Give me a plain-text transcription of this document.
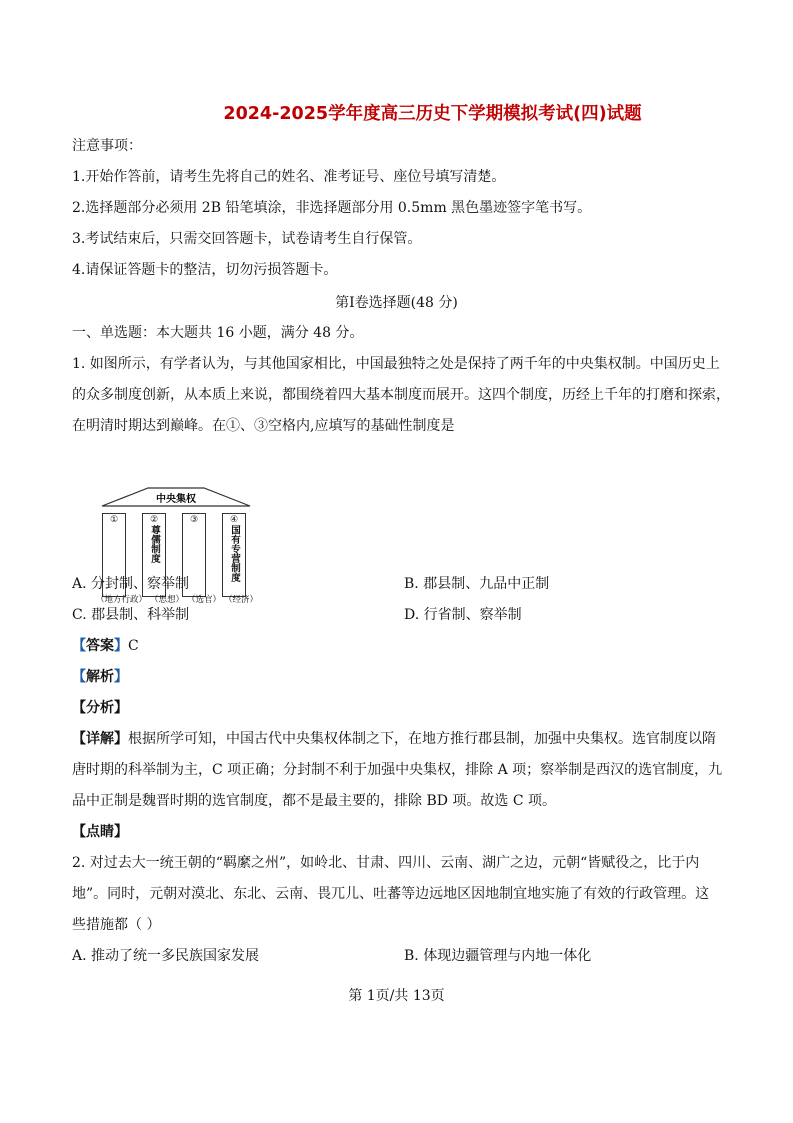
2024-2025学年度高三历史下学期模拟考试(四)试题
注意事项：
1.开始作答前，请考生先将自己的姓名、准考证号、座位号填写清楚。
2.选择题部分必须用 2B 铅笔填涂，非选择题部分用 0.5mm 黑色墨迹签字笔书写。
3.考试结束后，只需交回答题卡，试卷请考生自行保管。
4.请保证答题卡的整洁，切勿污损答题卡。
第Ⅰ卷选择题(48 分)
一、单选题：本大题共 16 小题，满分 48 分。
1. 如图所示，有学者认为，与其他国家相比，中国最独特之处是保持了两千年的中央集权制。中国历史上
的众多制度创新，从本质上来说，都围绕着四大基本制度而展开。这四个制度，历经上千年的打磨和探索，
在明清时期达到巅峰。在①、③空格内,应填写的基础性制度是
中央集权
①	②
尊儒制度
③	④
国有专营制度
（地方行政） （思想） （选官） （经济）
A. 分封制、察举制	B. 郡县制、九品中正制
C. 郡县制、科举制	D. 行省制、察举制
【答案】C
【解析】
【分析】
【详解】根据所学可知，中国古代中央集权体制之下，在地方推行郡县制，加强中央集权。选官制度以隋
唐时期的科举制为主，C 项正确；分封制不利于加强中央集权，排除 A 项；察举制是西汉的选官制度，九
品中正制是魏晋时期的选官制度，都不是最主要的，排除 BD 项。故选 C 项。
【点睛】
2. 对过去大一统王朝的“羁縻之州”，如岭北、甘肃、四川、云南、湖广之边，元朝“皆赋役之，比于内
地”。同时，元朝对漠北、东北、云南、畏兀儿、吐蕃等边远地区因地制宜地实施了有效的行政管理。这
些措施都（ ）
A. 推动了统一多民族国家发展	B. 体现边疆管理与内地一体化
第 1页/共 13页
